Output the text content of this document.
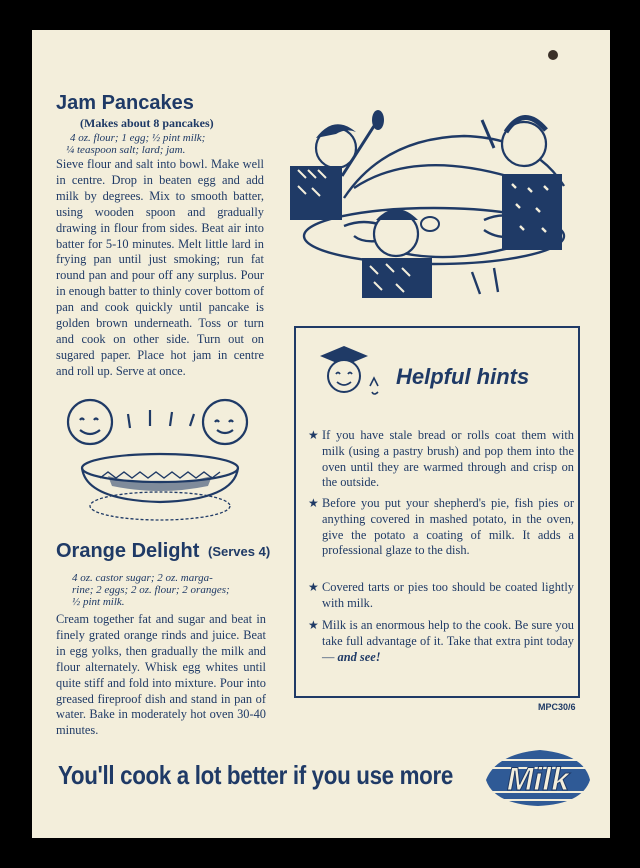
Jam Pancakes
(Makes about 8 pancakes)
4 oz. flour; 1 egg; ½ pint milk;
¼ teaspoon salt; lard; jam.
Sieve flour and salt into bowl. Make well in centre. Drop in beaten egg and add milk by degrees. Mix to smooth batter, using wooden spoon and gradually drawing in flour from sides. Beat air into batter for 5-10 minutes. Melt little lard in frying pan until just smoking; run fat round pan and pour off any surplus. Pour in enough batter to thinly cover bottom of pan and cook quickly until pancake is golden brown underneath. Toss or turn and cook on other side. Turn out on sugared paper. Place hot jam in centre and roll up. Serve at once.
Orange Delight (Serves 4)
4 oz. castor sugar; 2 oz. marga-
rine; 2 eggs; 2 oz. flour; 2 oranges;
½ pint milk.
Cream together fat and sugar and beat in finely grated orange rinds and juice. Beat in egg yolks, then gradually the milk and flour alternately. Whisk egg whites until quite stiff and fold into mixture. Pour into greased fireproof dish and stand in pan of water. Bake in moderately hot oven 30-40 minutes.
Helpful hints
★ If you have stale bread or rolls coat them with milk (using a pastry brush) and pop them into the oven until they are warmed through and crisp on the outside.
★ Before you put your shepherd's pie, fish pies or anything covered in mashed potato, in the oven, give the potato a coating of milk. It adds a professional glaze to the dish.
★ Covered tarts or pies too should be coated lightly with milk.
★ Milk is an enormous help to the cook. Be sure you take full advantage of it. Take that extra pint today — and see!
MPC30/6
You'll cook a lot better if you use more Milk
